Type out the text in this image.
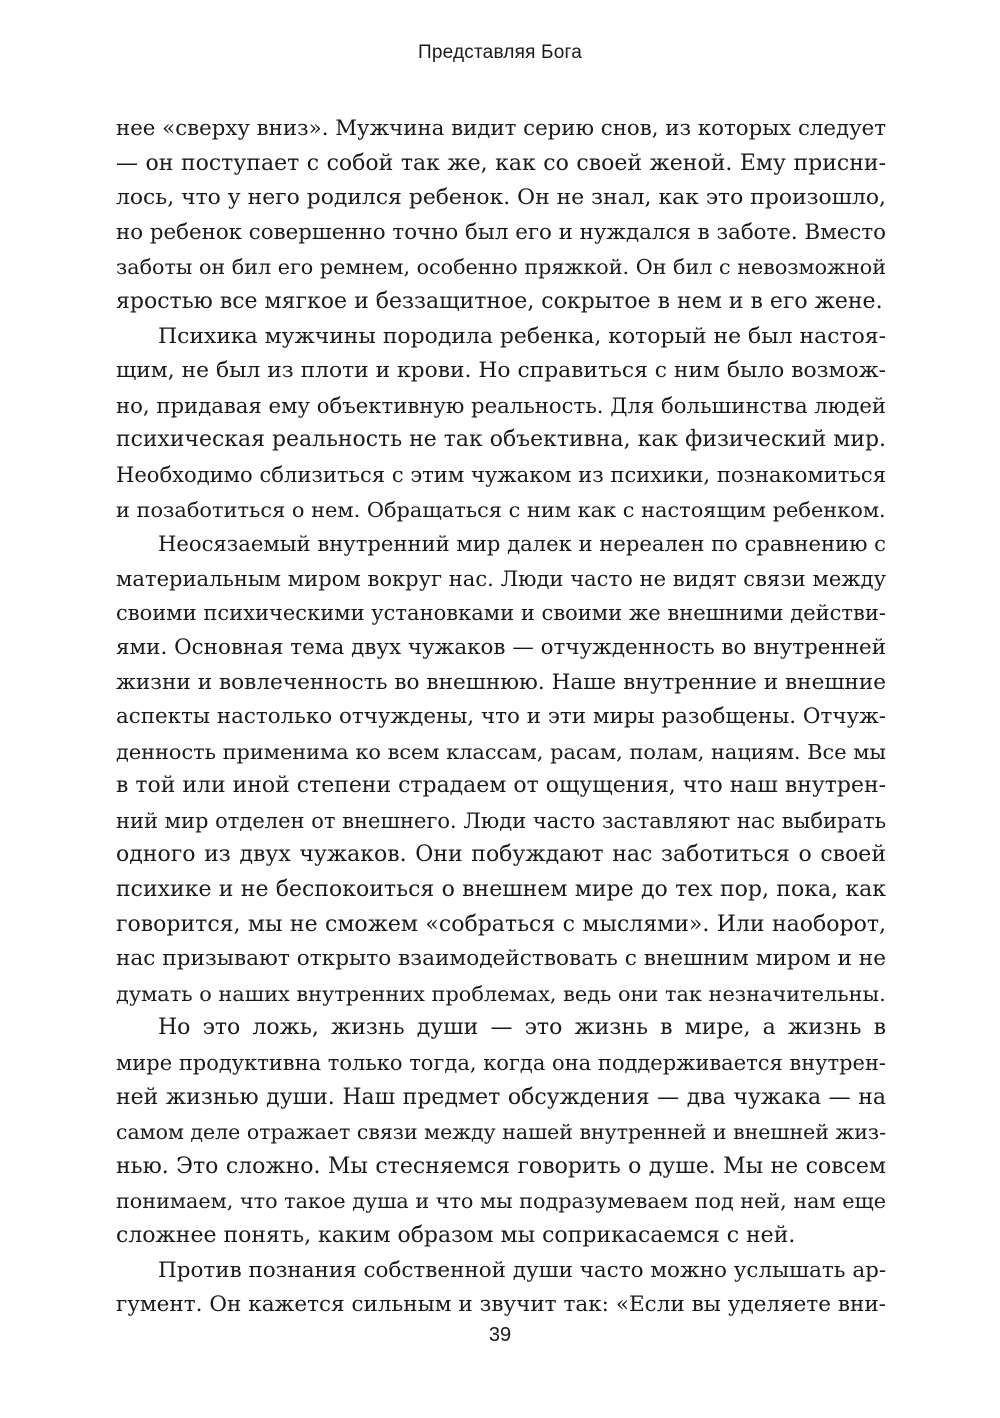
Представляя Бога
нее «сверху вниз». Мужчина видит серию снов, из которых следует
— он поступает с собой так же, как со своей женой. Ему присни-
лось, что у него родился ребенок. Он не знал, как это произошло,
но ребенок совершенно точно был его и нуждался в заботе. Вместо
заботы он бил его ремнем, особенно пряжкой. Он бил с невозможной
яростью все мягкое и беззащитное, сокрытое в нем и в его жене.
Психика мужчины породила ребенка, который не был настоя-
щим, не был из плоти и крови. Но справиться с ним было возмож-
но, придавая ему объективную реальность. Для большинства людей
психическая реальность не так объективна, как физический мир.
Необходимо сблизиться с этим чужаком из психики, познакомиться
и позаботиться о нем. Обращаться с ним как с настоящим ребенком.
Неосязаемый внутренний мир далек и нереален по сравнению с
материальным миром вокруг нас. Люди часто не видят связи между
своими психическими установками и своими же внешними действи-
ями. Основная тема двух чужаков — отчужденность во внутренней
жизни и вовлеченность во внешнюю. Наше внутренние и внешние
аспекты настолько отчуждены, что и эти миры разобщены. Отчуж-
денность применима ко всем классам, расам, полам, нациям. Все мы
в той или иной степени страдаем от ощущения, что наш внутрен-
ний мир отделен от внешнего. Люди часто заставляют нас выбирать
одного из двух чужаков. Они побуждают нас заботиться о своей
психике и не беспокоиться о внешнем мире до тех пор, пока, как
говорится, мы не сможем «собраться с мыслями». Или наоборот,
нас призывают открыто взаимодействовать с внешним миром и не
думать о наших внутренних проблемах, ведь они так незначительны.
Но это ложь, жизнь души — это жизнь в мире, а жизнь в
мире продуктивна только тогда, когда она поддерживается внутрен-
ней жизнью души. Наш предмет обсуждения — два чужака — на
самом деле отражает связи между нашей внутренней и внешней жиз-
нью. Это сложно. Мы стесняемся говорить о душе. Мы не совсем
понимаем, что такое душа и что мы подразумеваем под ней, нам еще
сложнее понять, каким образом мы соприкасаемся с ней.
Против познания собственной души часто можно услышать ар-
гумент. Он кажется сильным и звучит так: «Если вы уделяете вни-
39
